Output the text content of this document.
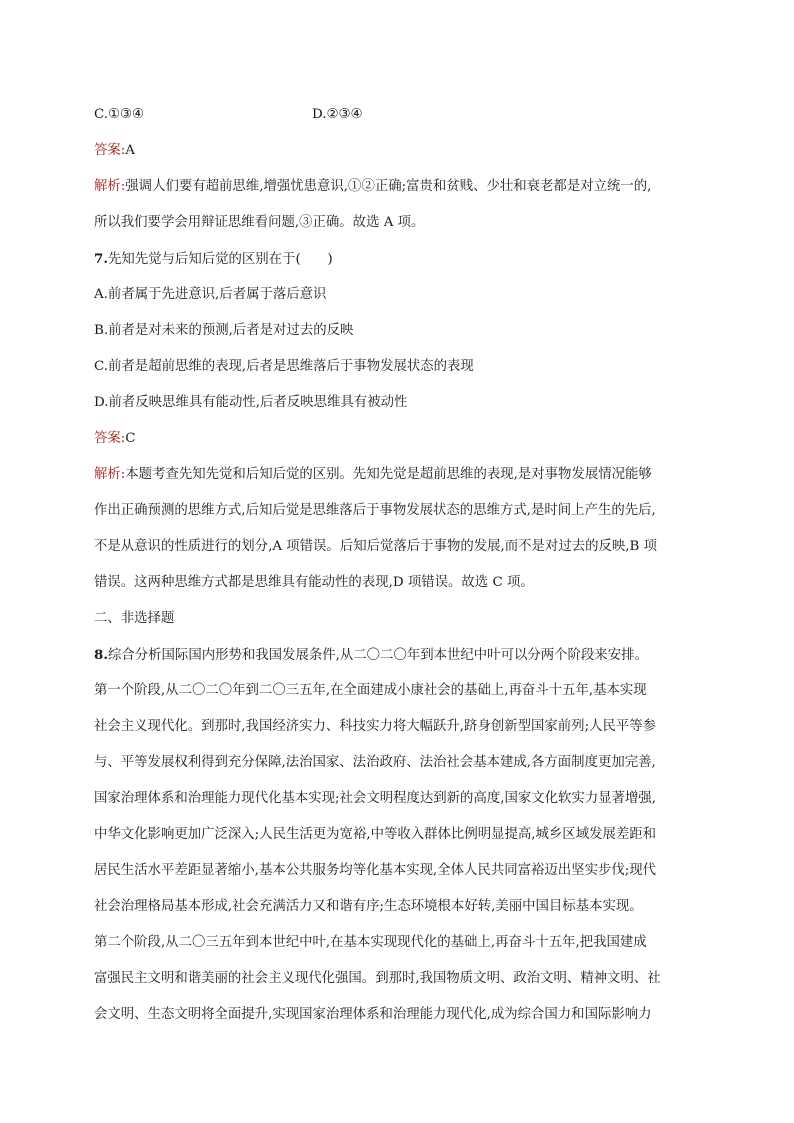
C.①③④	D.②③④
答案:A
解析:强调人们要有超前思维,增强忧患意识,①②正确;富贵和贫贱、少壮和衰老都是对立统一的,
所以我们要学会用辩证思维看问题,③正确。故选 A 项。
7.先知先觉与后知后觉的区别在于(　　)
A.前者属于先进意识,后者属于落后意识
B.前者是对未来的预测,后者是对过去的反映
C.前者是超前思维的表现,后者是思维落后于事物发展状态的表现
D.前者反映思维具有能动性,后者反映思维具有被动性
答案:C
解析:本题考查先知先觉和后知后觉的区别。先知先觉是超前思维的表现,是对事物发展情况能够
作出正确预测的思维方式,后知后觉是思维落后于事物发展状态的思维方式,是时间上产生的先后,
不是从意识的性质进行的划分,A 项错误。后知后觉落后于事物的发展,而不是对过去的反映,B 项
错误。这两种思维方式都是思维具有能动性的表现,D 项错误。故选 C 项。
二、非选择题
8.综合分析国际国内形势和我国发展条件,从二〇二〇年到本世纪中叶可以分两个阶段来安排。
第一个阶段,从二〇二〇年到二〇三五年,在全面建成小康社会的基础上,再奋斗十五年,基本实现
社会主义现代化。到那时,我国经济实力、科技实力将大幅跃升,跻身创新型国家前列;人民平等参
与、平等发展权利得到充分保障,法治国家、法治政府、法治社会基本建成,各方面制度更加完善,
国家治理体系和治理能力现代化基本实现;社会文明程度达到新的高度,国家文化软实力显著增强,
中华文化影响更加广泛深入;人民生活更为宽裕,中等收入群体比例明显提高,城乡区域发展差距和
居民生活水平差距显著缩小,基本公共服务均等化基本实现,全体人民共同富裕迈出坚实步伐;现代
社会治理格局基本形成,社会充满活力又和谐有序;生态环境根本好转,美丽中国目标基本实现。
第二个阶段,从二〇三五年到本世纪中叶,在基本实现现代化的基础上,再奋斗十五年,把我国建成
富强民主文明和谐美丽的社会主义现代化强国。到那时,我国物质文明、政治文明、精神文明、社
会文明、生态文明将全面提升,实现国家治理体系和治理能力现代化,成为综合国力和国际影响力
